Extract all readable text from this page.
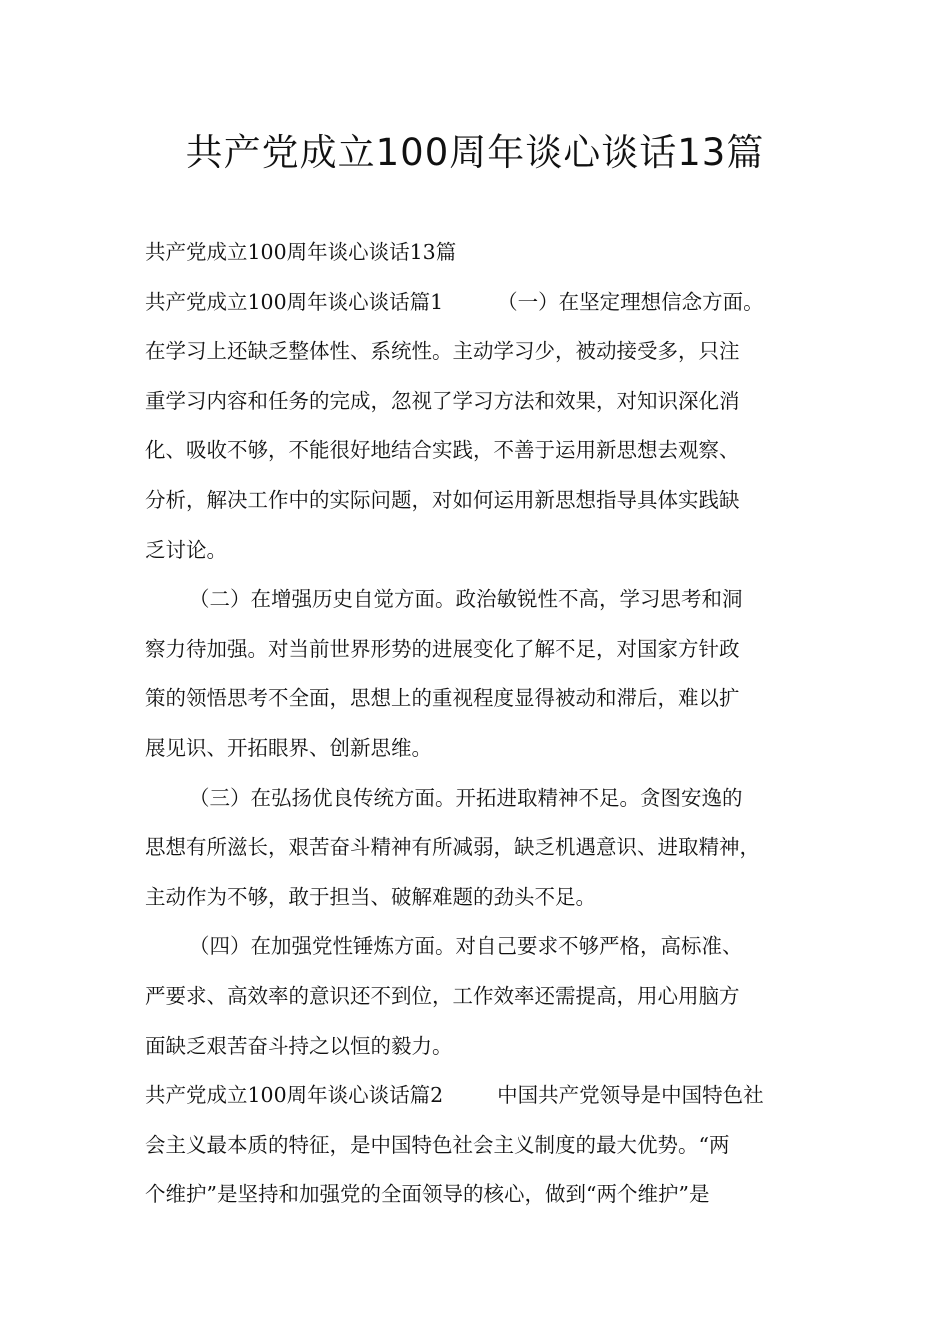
共产党成立100周年谈心谈话13篇
共产党成立100周年谈心谈话13篇
共产党成立100周年谈心谈话篇1	（一）在坚定理想信念方面。
在学习上还缺乏整体性、系统性。主动学习少，被动接受多，只注
重学习内容和任务的完成，忽视了学习方法和效果，对知识深化消
化、吸收不够，不能很好地结合实践，不善于运用新思想去观察、
分析，解决工作中的实际问题，对如何运用新思想指导具体实践缺
乏讨论。
（二）在增强历史自觉方面。政治敏锐性不高，学习思考和洞
察力待加强。对当前世界形势的进展变化了解不足，对国家方针政
策的领悟思考不全面，思想上的重视程度显得被动和滞后，难以扩
展见识、开拓眼界、创新思维。
（三）在弘扬优良传统方面。开拓进取精神不足。贪图安逸的
思想有所滋长，艰苦奋斗精神有所减弱，缺乏机遇意识、进取精神，
主动作为不够，敢于担当、破解难题的劲头不足。
（四）在加强党性锤炼方面。对自己要求不够严格，高标准、
严要求、高效率的意识还不到位，工作效率还需提高，用心用脑方
面缺乏艰苦奋斗持之以恒的毅力。
共产党成立100周年谈心谈话篇2	中国共产党领导是中国特色社
会主义最本质的特征，是中国特色社会主义制度的最大优势。“两
个维护”是坚持和加强党的全面领导的核心，做到“两个维护”是
